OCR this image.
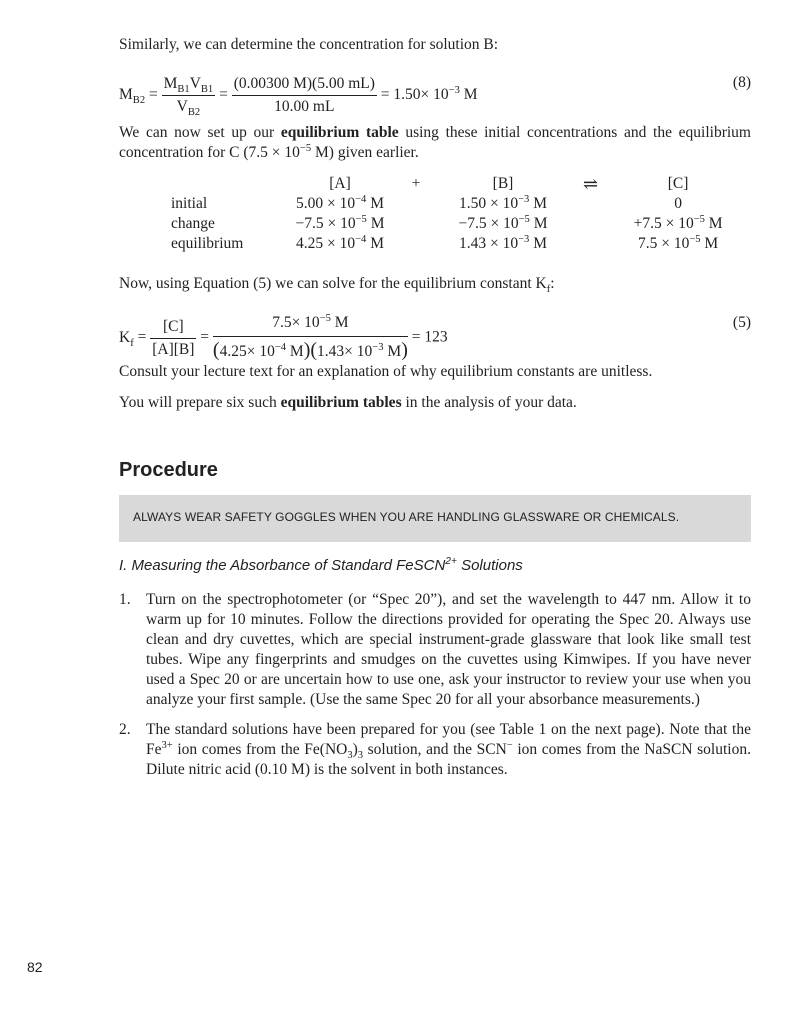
Similarly, we can determine the concentration for solution B:
$M_{B2} = \frac{M_{B1}V_{B1}}{V_{B2}} = \frac{(0.00300 M)(5.00 mL)}{10.00 mL} = 1.50\times 10^{-3}$ M
(8)
We can now set up our equilibrium table using these initial concentrations and the equilibrium concentration for C ($7.5 \times 10^{-5}$ M) given earlier.
	[A]	+	[B]	⇌	[C]
initial	$5.00 \times 10^{-4}$ M		$1.50 \times 10^{-3}$ M		0
change	$-7.5 \times 10^{-5}$ M		$-7.5 \times 10^{-5}$ M		$+7.5 \times 10^{-5}$ M
equilibrium	$4.25 \times 10^{-4}$ M		$1.43 \times 10^{-3}$ M		$7.5 \times 10^{-5}$ M
Now, using Equation (5) we can solve for the equilibrium constant $K_f$:
$K_f = \frac{[C]}{[A][B]} = \frac{7.5\times 10^{-5} M}{(4.25\times 10^{-4} M)(1.43\times 10^{-3} M)} = 123$
(5)
Consult your lecture text for an explanation of why equilibrium constants are unitless.
You will prepare six such equilibrium tables in the analysis of your data.
Procedure
ALWAYS WEAR SAFETY GOGGLES WHEN YOU ARE HANDLING GLASSWARE OR CHEMICALS.
I. Measuring the Absorbance of Standard FeSCN$^{2+}$ Solutions
1. Turn on the spectrophotometer (or “Spec 20”), and set the wavelength to 447 nm. Allow it to warm up for 10 minutes. Follow the directions provided for operating the Spec 20. Always use clean and dry cuvettes, which are special instrument-grade glassware that look like small test tubes. Wipe any fingerprints and smudges on the cuvettes using Kimwipes. If you have never used a Spec 20 or are uncertain how to use one, ask your instructor to review your use when you analyze your first sample. (Use the same Spec 20 for all your absorbance measurements.)
2. The standard solutions have been prepared for you (see Table 1 on the next page). Note that the $Fe^{3+}$ ion comes from the $Fe(NO_3)_3$ solution, and the SCN− ion comes from the NaSCN solution. Dilute nitric acid (0.10 M) is the solvent in both instances.
82
